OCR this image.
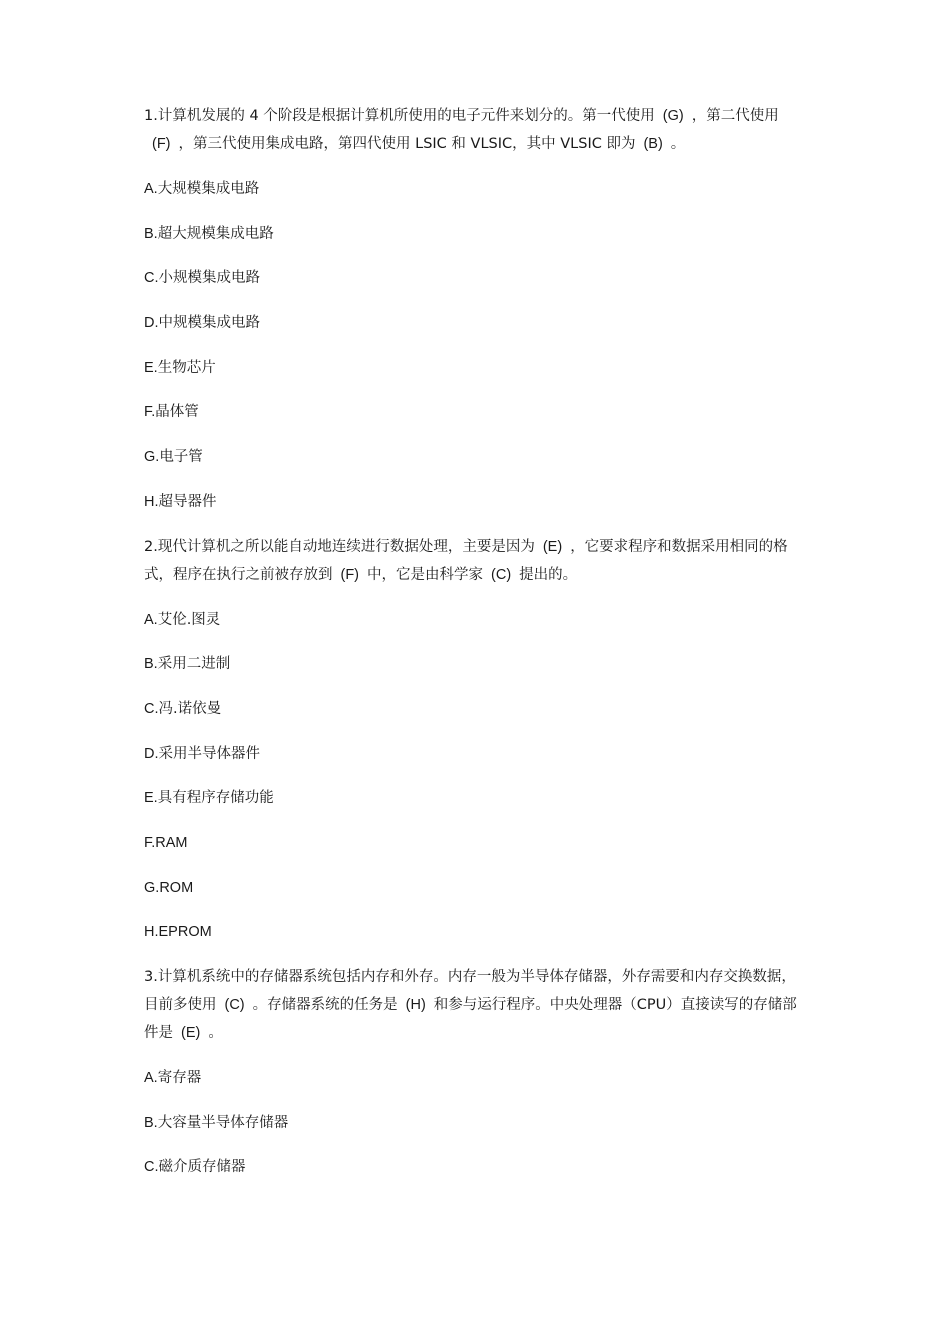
1.计算机发展的 4 个阶段是根据计算机所使用的电子元件来划分的。第一代使用 (G) ，第二代使用(F) ，第三代使用集成电路，第四代使用 LSIC 和 VLSIC，其中 VLSIC 即为 (B) 。
A.大规模集成电路
B.超大规模集成电路
C.小规模集成电路
D.中规模集成电路
E.生物芯片
F.晶体管
G.电子管
H.超导器件
2.现代计算机之所以能自动地连续进行数据处理，主要是因为 (E) ，它要求程序和数据采用相同的格式，程序在执行之前被存放到 (F) 中，它是由科学家 (C) 提出的。
A.艾伦.图灵
B.采用二进制
C.冯.诺依曼
D.采用半导体器件
E.具有程序存储功能
F.RAM
G.ROM
H.EPROM
3.计算机系统中的存储器系统包括内存和外存。内存一般为半导体存储器，外存需要和内存交换数据，目前多使用 (C) 。存储器系统的任务是 (H) 和参与运行程序。中央处理器（CPU）直接读写的存储部件是 (E) 。
A.寄存器
B.大容量半导体存储器
C.磁介质存储器
